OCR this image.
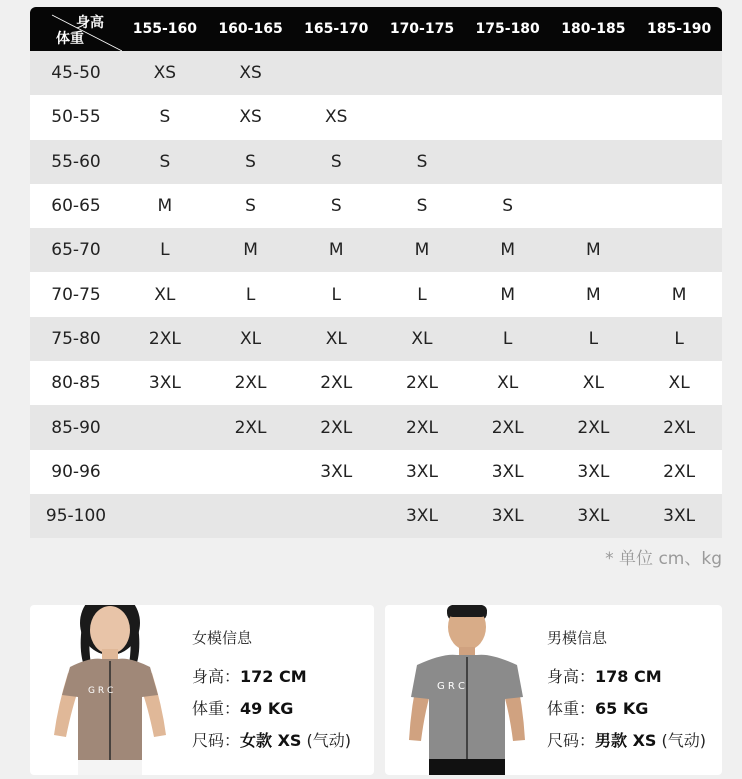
身高
体重	155-160	160-165	165-170	170-175	175-180	180-185	185-190
45-50	XS	XS					
50-55	S	XS	XS				
55-60	S	S	S	S			
60-65	M	S	S	S	S		
65-70	L	M	M	M	M	M	
70-75	XL	L	L	L	M	M	M
75-80	2XL	XL	XL	XL	L	L	L
80-85	3XL	2XL	2XL	2XL	XL	XL	XL
85-90		2XL	2XL	2XL	2XL	2XL	2XL
90-96			3XL	3XL	3XL	3XL	2XL
95-100				3XL	3XL	3XL	3XL
* 单位 cm、kg
G R C
女模信息
身高：172 CM
体重：49 KG
尺码：女款 XS (气动)
G R C
男模信息
身高：178 CM
体重：65 KG
尺码：男款 XS (气动)
